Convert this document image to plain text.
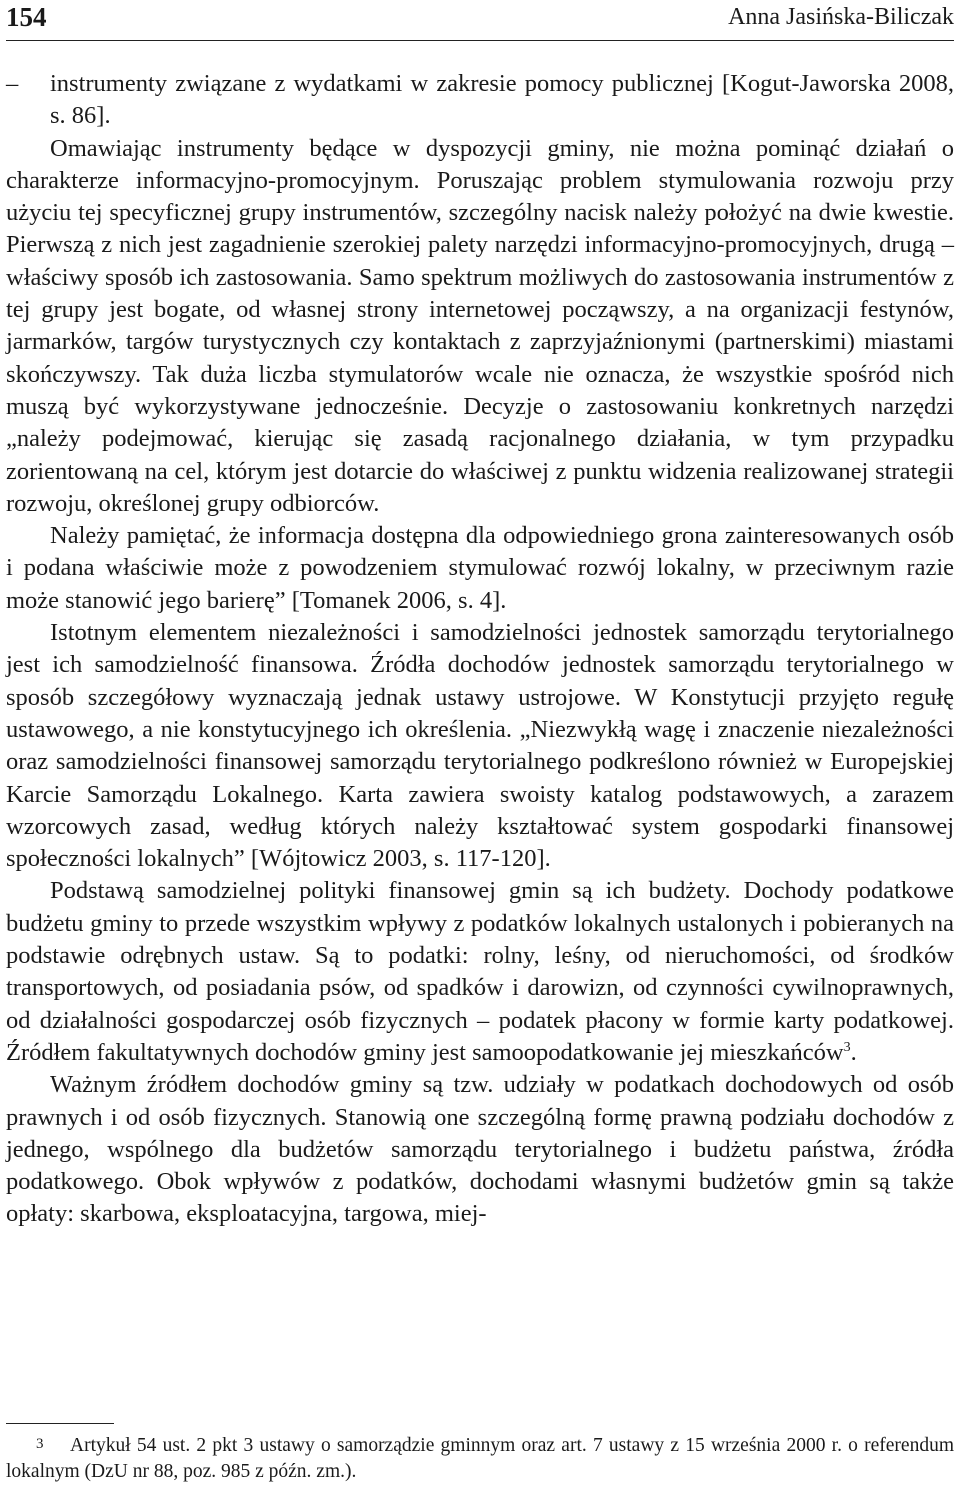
154	Anna Jasińska-Biliczak
–	instrumenty związane z wydatkami w zakresie pomocy publicznej [Kogut-Jaworska 2008, s. 86].

Omawiając instrumenty będące w dyspozycji gminy, nie można pominąć działań o charakterze informacyjno-promocyjnym. Poruszając problem stymulowania rozwoju przy użyciu tej specyficznej grupy instrumentów, szczególny nacisk należy położyć na dwie kwestie. Pierwszą z nich jest zagadnienie szerokiej palety narzędzi informacyjno-promocyjnych, drugą – właściwy sposób ich zastosowania. Samo spektrum możliwych do zastosowania instrumentów z tej grupy jest bogate, od własnej strony internetowej począwszy, a na organizacji festynów, jarmarków, targów turystycznych czy kontaktach z zaprzyjaźnionymi (partnerskimi) miastami skończywszy. Tak duża liczba stymulatorów wcale nie oznacza, że wszystkie spośród nich muszą być wykorzystywane jednocześnie. Decyzje o zastosowaniu konkretnych narzędzi „należy podejmować, kierując się zasadą racjonalnego działania, w tym przypadku zorientowaną na cel, którym jest dotarcie do właściwej z punktu widzenia realizowanej strategii rozwoju, określonej grupy odbiorców.

Należy pamiętać, że informacja dostępna dla odpowiedniego grona zainteresowanych osób i podana właściwie może z powodzeniem stymulować rozwój lokalny, w przeciwnym razie może stanowić jego barierę” [Tomanek 2006, s. 4].

Istotnym elementem niezależności i samodzielności jednostek samorządu terytorialnego jest ich samodzielność finansowa. Źródła dochodów jednostek samorządu terytorialnego w sposób szczegółowy wyznaczają jednak ustawy ustrojowe. W Konstytucji przyjęto regułę ustawowego, a nie konstytucyjnego ich określenia. „Niezwykłą wagę i znaczenie niezależności oraz samodzielności finansowej samorządu terytorialnego podkreślono również w Europejskiej Karcie Samorządu Lokalnego. Karta zawiera swoisty katalog podstawowych, a zarazem wzorcowych zasad, według których należy kształtować system gospodarki finansowej społeczności lokalnych” [Wójtowicz 2003, s. 117-120].

Podstawą samodzielnej polityki finansowej gmin są ich budżety. Dochody podatkowe budżetu gminy to przede wszystkim wpływy z podatków lokalnych ustalonych i pobieranych na podstawie odrębnych ustaw. Są to podatki: rolny, leśny, od nieruchomości, od środków transportowych, od posiadania psów, od spadków i darowizn, od czynności cywilnoprawnych, od działalności gospodarczej osób fizycznych – podatek płacony w formie karty podatkowej. Źródłem fakultatywnych dochodów gminy jest samoopodatkowanie jej mieszkańców$^3$.

Ważnym źródłem dochodów gminy są tzw. udziały w podatkach dochodowych od osób prawnych i od osób fizycznych. Stanowią one szczególną formę prawną podziału dochodów z jednego, wspólnego dla budżetów samorządu terytorialnego i budżetu państwa, źródła podatkowego. Obok wpływów z podatków, dochodami własnymi budżetów gmin są także opłaty: skarbowa, eksploatacyjna, targowa, miej-

3 Artykuł 54 ust. 2 pkt 3 ustawy o samorządzie gminnym oraz art. 7 ustawy z 15 września 2000 r. o referendum lokalnym (DzU nr 88, poz. 985 z późn. zm.).
